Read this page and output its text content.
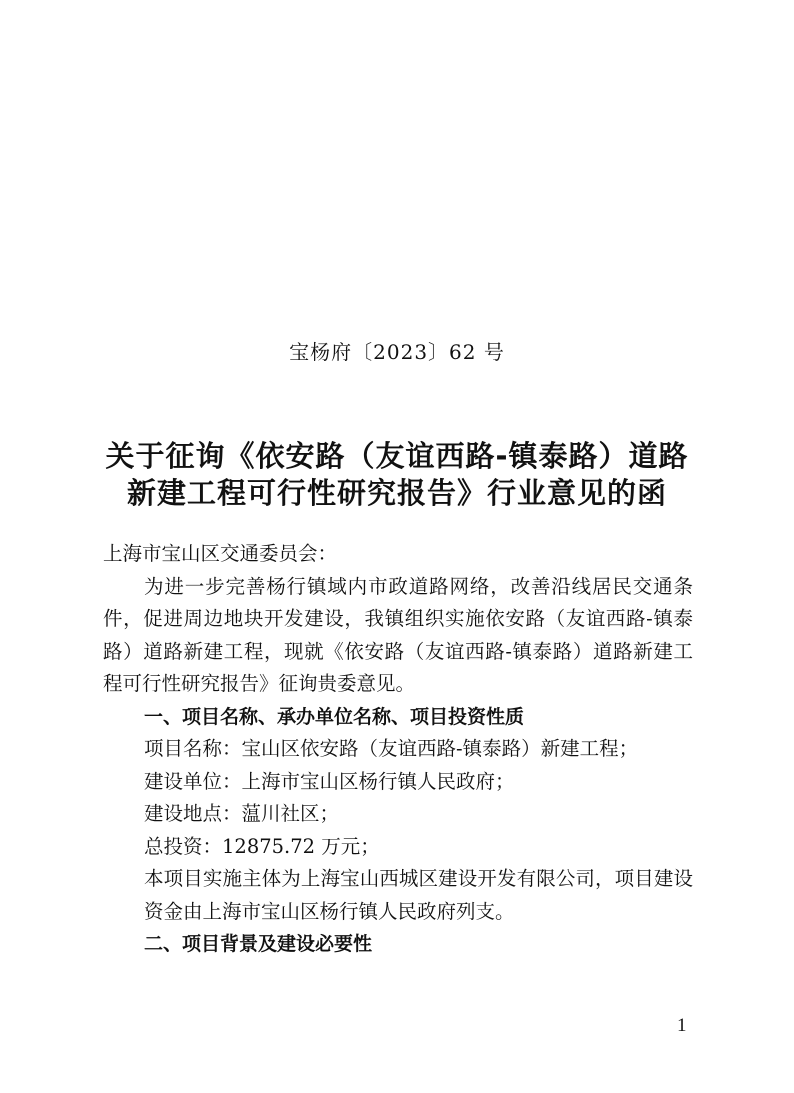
宝杨府〔2023〕62 号
关于征询《依安路（友谊西路-镇泰路）道路
新建工程可行性研究报告》行业意见的函

上海市宝山区交通委员会：

为进一步完善杨行镇域内市政道路网络，改善沿线居民交通条件，促进周边地块开发建设，我镇组织实施依安路（友谊西路-镇泰路）道路新建工程，现就《依安路（友谊西路-镇泰路）道路新建工程可行性研究报告》征询贵委意见。

一、项目名称、承办单位名称、项目投资性质

项目名称：宝山区依安路（友谊西路-镇泰路）新建工程；

建设单位：上海市宝山区杨行镇人民政府；

建设地点：蕰川社区；

总投资：12875.72 万元；

本项目实施主体为上海宝山西城区建设开发有限公司，项目建设资金由上海市宝山区杨行镇人民政府列支。

二、项目背景及建设必要性

1
